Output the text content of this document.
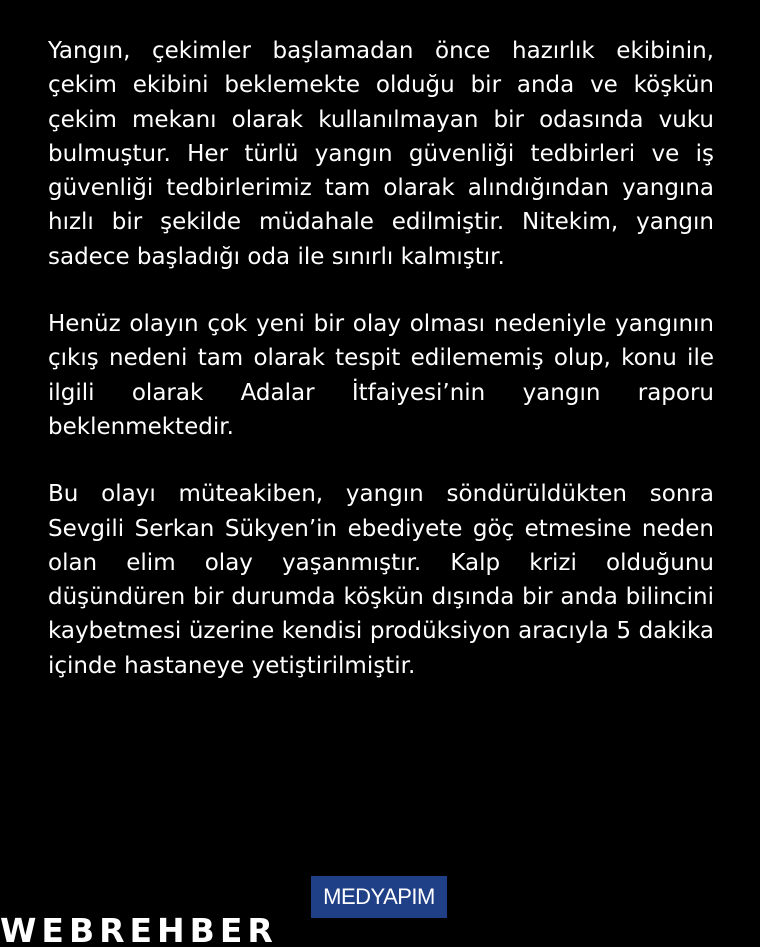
Yangın, çekimler başlamadan önce hazırlık ekibinin, çekim ekibini beklemekte olduğu bir anda ve köşkün çekim mekanı olarak kullanılmayan bir odasında vuku bulmuştur. Her türlü yangın güvenliği tedbirleri ve iş güvenliği tedbirlerimiz tam olarak alındığından yangına hızlı bir şekilde müdahale edilmiştir. Nitekim, yangın sadece başladığı oda ile sınırlı kalmıştır.

Henüz olayın çok yeni bir olay olması nedeniyle yangının çıkış nedeni tam olarak tespit edilememiş olup, konu ile ilgili olarak Adalar İtfaiyesi’nin yangın raporu beklenmektedir.

Bu olayı müteakiben, yangın söndürüldükten sonra Sevgili Serkan Sükyen’in ebediyete göç etmesine neden olan elim olay yaşanmıştır. Kalp krizi olduğunu düşündüren bir durumda köşkün dışında bir anda bilincini kaybetmesi üzerine kendisi prodüksiyon aracıyla 5 dakika içinde hastaneye yetiştirilmiştir.

MEDYAPIM
WEBREHBER
